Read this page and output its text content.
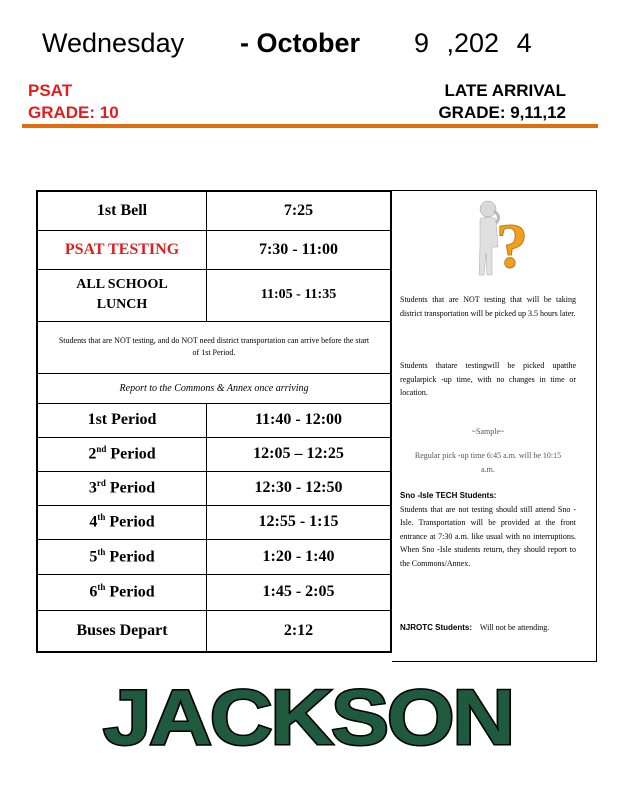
Wednesday - October 9 ,202 4
PSAT
GRADE: 10
LATE ARRIVAL
GRADE: 9,11,12
1st Bell	7:25
PSAT TESTING	7:30 - 11:00

ALL SCHOOL
LUNCH	11:05 - 11:35
Students that are NOT testing, and do NOT need district transportation can arrive before the start of 1st Period.	
Report to the Commons & Annex once arriving	
1st Period	11:40 - 12:00
2nd Period	12:05 – 12:25
3rd Period	12:30 - 12:50
4th Period	12:55 - 1:15
5th Period	1:20 - 1:40
6th Period	1:45 - 2:05
Buses Depart	2:12
?
Students that are NOT testing that will be taking district transportation will be picked up 3.5 hours later.
Students thatare testingwill be picked upatthe regularpick -up time, with no changes in time or location.
~Sample~
Regular pick -up time 6:45 a.m. will be 10:15 a.m.
Sno -Isle TECH Students:
Students that are not testing should still attend Sno -Isle. Transportation will be provided at the front entrance at 7:30 a.m. like usual with no interruptions. When Sno -Isle students return, they should report to the Commons/Annex.
NJROTC Students: Will not be attending.
JACKSON
